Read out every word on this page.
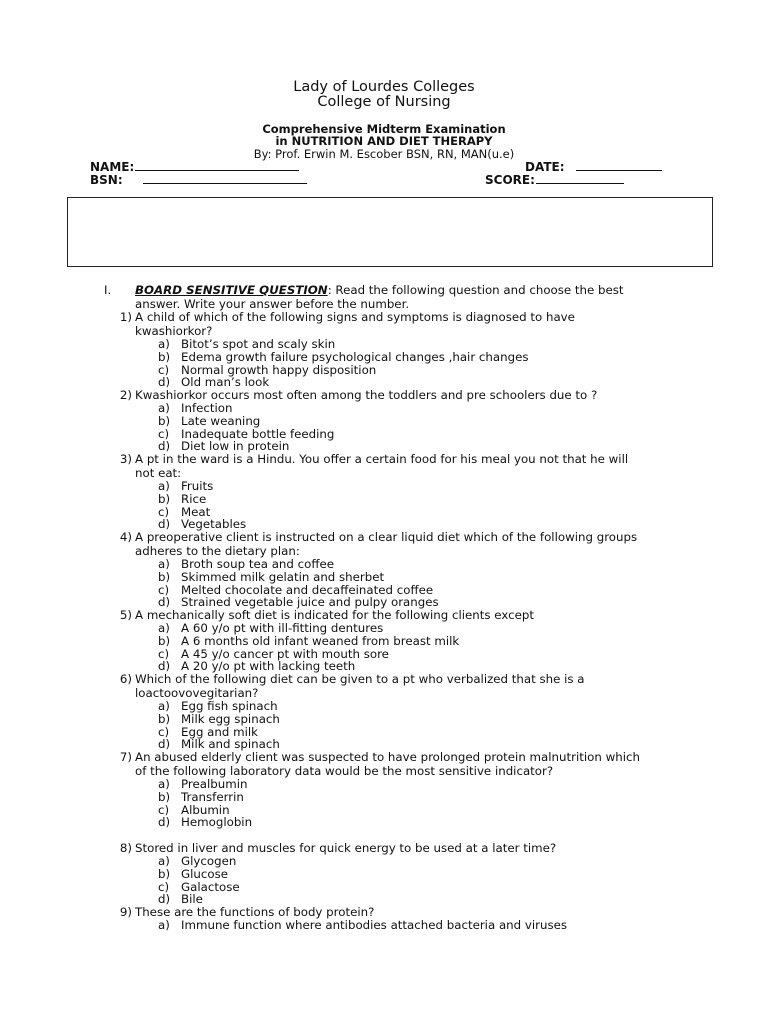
Lady of Lourdes Colleges
College of Nursing
Comprehensive Midterm Examination
in NUTRITION AND DIET THERAPY
By: Prof. Erwin M. Escober BSN, RN, MAN(u.e)
NAME:	DATE:
BSN:	SCORE:
I. BOARD SENSITIVE QUESTION: Read the following question and choose the best
answer. Write your answer before the number.
1) A child of which of the following signs and symptoms is diagnosed to have
kwashiorkor?
a) Bitot’s spot and scaly skin
b) Edema growth failure psychological changes ,hair changes
c) Normal growth happy disposition
d) Old man’s look
2) Kwashiorkor occurs most often among the toddlers and pre schoolers due to ?
a) Infection
b) Late weaning
c) Inadequate bottle feeding
d) Diet low in protein
3) A pt in the ward is a Hindu. You offer a certain food for his meal you not that he will
not eat:
a) Fruits
b) Rice
c) Meat
d) Vegetables
4) A preoperative client is instructed on a clear liquid diet which of the following groups
adheres to the dietary plan:
a) Broth soup tea and coffee
b) Skimmed milk gelatin and sherbet
c) Melted chocolate and decaffeinated coffee
d) Strained vegetable juice and pulpy oranges
5) A mechanically soft diet is indicated for the following clients except
a) A 60 y/o pt with ill-fitting dentures
b) A 6 months old infant weaned from breast milk
c) A 45 y/o cancer pt with mouth sore
d) A 20 y/o pt with lacking teeth
6) Which of the following diet can be given to a pt who verbalized that she is a
loactoovovegitarian?
a) Egg fish spinach
b) Milk egg spinach
c) Egg and milk
d) Milk and spinach
7) An abused elderly client was suspected to have prolonged protein malnutrition which
of the following laboratory data would be the most sensitive indicator?
a) Prealbumin
b) Transferrin
c) Albumin
d) Hemoglobin
8) Stored in liver and muscles for quick energy to be used at a later time?
a) Glycogen
b) Glucose
c) Galactose
d) Bile
9) These are the functions of body protein?
a) Immune function where antibodies attached bacteria and viruses
